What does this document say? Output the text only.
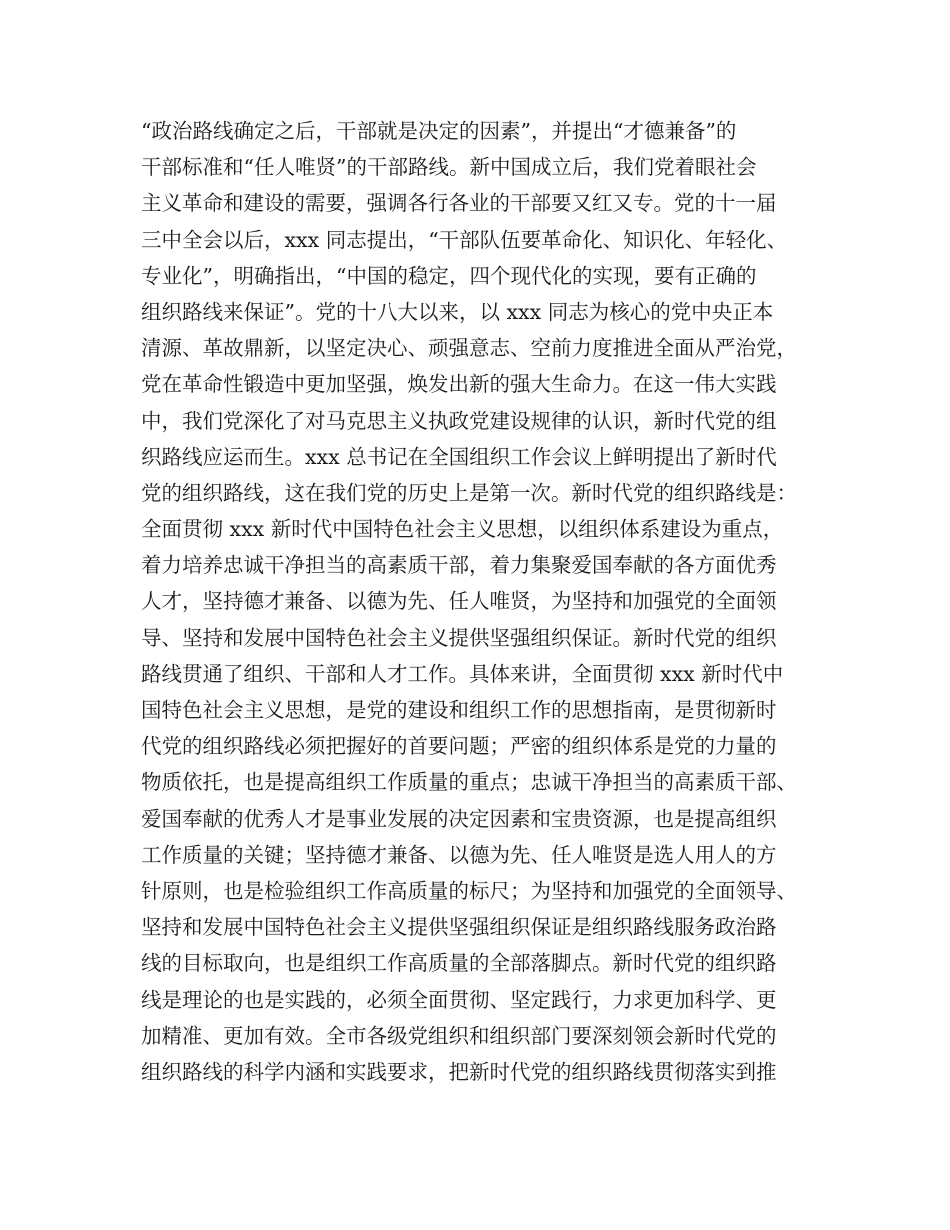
“政治路线确定之后，干部就是决定的因素”，并提出“才德兼备”的
干部标准和“任人唯贤”的干部路线。新中国成立后，我们党着眼社会
主义革命和建设的需要，强调各行各业的干部要又红又专。党的十一届
三中全会以后，xxx 同志提出，“干部队伍要革命化、知识化、年轻化、
专业化”，明确指出，“中国的稳定，四个现代化的实现，要有正确的
组织路线来保证”。党的十八大以来，以 xxx 同志为核心的党中央正本
清源、革故鼎新，以坚定决心、顽强意志、空前力度推进全面从严治党，
党在革命性锻造中更加坚强，焕发出新的强大生命力。在这一伟大实践
中，我们党深化了对马克思主义执政党建设规律的认识，新时代党的组
织路线应运而生。xxx 总书记在全国组织工作会议上鲜明提出了新时代
党的组织路线，这在我们党的历史上是第一次。新时代党的组织路线是：
全面贯彻 xxx 新时代中国特色社会主义思想，以组织体系建设为重点，
着力培养忠诚干净担当的高素质干部，着力集聚爱国奉献的各方面优秀
人才，坚持德才兼备、以德为先、任人唯贤，为坚持和加强党的全面领
导、坚持和发展中国特色社会主义提供坚强组织保证。新时代党的组织
路线贯通了组织、干部和人才工作。具体来讲，全面贯彻 xxx 新时代中
国特色社会主义思想，是党的建设和组织工作的思想指南，是贯彻新时
代党的组织路线必须把握好的首要问题；严密的组织体系是党的力量的
物质依托，也是提高组织工作质量的重点；忠诚干净担当的高素质干部、
爱国奉献的优秀人才是事业发展的决定因素和宝贵资源，也是提高组织
工作质量的关键；坚持德才兼备、以德为先、任人唯贤是选人用人的方
针原则，也是检验组织工作高质量的标尺；为坚持和加强党的全面领导、
坚持和发展中国特色社会主义提供坚强组织保证是组织路线服务政治路
线的目标取向，也是组织工作高质量的全部落脚点。新时代党的组织路
线是理论的也是实践的，必须全面贯彻、坚定践行，力求更加科学、更
加精准、更加有效。全市各级党组织和组织部门要深刻领会新时代党的
组织路线的科学内涵和实践要求，把新时代党的组织路线贯彻落实到推
